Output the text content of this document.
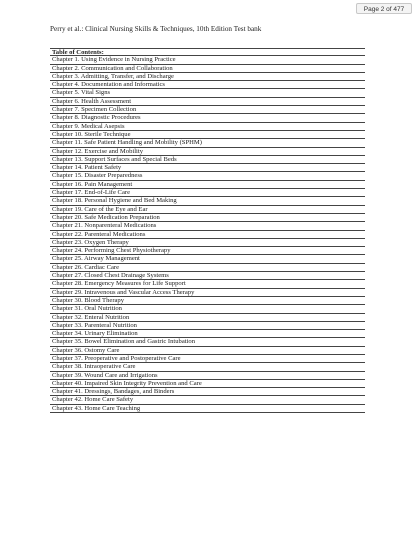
Page 2 of 477
Perry et al.: Clinical Nursing Skills & Techniques, 10th Edition Test bank
Table of Contents:
Chapter 1. Using Evidence in Nursing Practice
Chapter 2. Communication and Collaboration
Chapter 3. Admitting, Transfer, and Discharge
Chapter 4. Documentation and Informatics
Chapter 5. Vital Signs
Chapter 6. Health Assessment
Chapter 7. Specimen Collection
Chapter 8. Diagnostic Procedures
Chapter 9. Medical Asepsis
Chapter 10. Sterile Technique
Chapter 11. Safe Patient Handling and Mobility (SPHM)
Chapter 12. Exercise and Mobility
Chapter 13. Support Surfaces and Special Beds
Chapter 14. Patient Safety
Chapter 15. Disaster Preparedness
Chapter 16. Pain Management
Chapter 17. End-of-Life Care
Chapter 18. Personal Hygiene and Bed Making
Chapter 19. Care of the Eye and Ear
Chapter 20. Safe Medication Preparation
Chapter 21. Nonparenteral Medications
Chapter 22. Parenteral Medications
Chapter 23. Oxygen Therapy
Chapter 24. Performing Chest Physiotherapy
Chapter 25. Airway Management
Chapter 26. Cardiac Care
Chapter 27. Closed Chest Drainage Systems
Chapter 28. Emergency Measures for Life Support
Chapter 29. Intravenous and Vascular Access Therapy
Chapter 30. Blood Therapy
Chapter 31. Oral Nutrition
Chapter 32. Enteral Nutrition
Chapter 33. Parenteral Nutrition
Chapter 34. Urinary Elimination
Chapter 35. Bowel Elimination and Gastric Intubation
Chapter 36. Ostomy Care
Chapter 37. Preoperative and Postoperative Care
Chapter 38. Intraoperative Care
Chapter 39. Wound Care and Irrigations
Chapter 40. Impaired Skin Integrity Prevention and Care
Chapter 41. Dressings, Bandages, and Binders
Chapter 42. Home Care Safety
Chapter 43. Home Care Teaching
